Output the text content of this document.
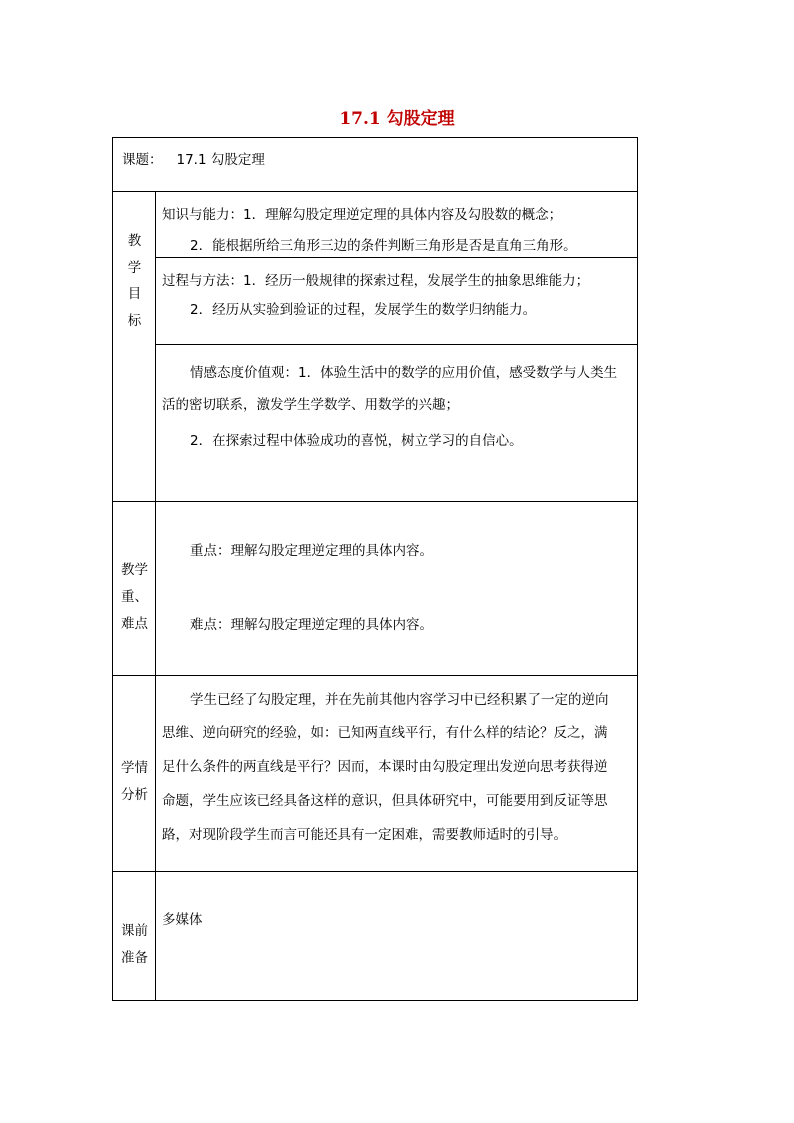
17.1 勾股定理
课题： 17.1 勾股定理	

教
学
目
标	知识与能力：1．理解勾股定理逆定理的具体内容及勾股数的概念；
2．能根据所给三角形三边的条件判断三角形是否是直角三角形。

	过程与方法：1．经历一般规律的探索过程，发展学生的抽象思维能力；
2．经历从实验到验证的过程，发展学生的数学归纳能力。

	情感态度价值观：1．体验生活中的数学的应用价值，感受数学与人类生
活的密切联系，激发学生学数学、用数学的兴趣；
2．在探索过程中体验成功的喜悦，树立学习的自信心。

教学
重、
难点	重点：理解勾股定理逆定理的具体内容。
难点：理解勾股定理逆定理的具体内容。

学情
分析	学生已经了勾股定理，并在先前其他内容学习中已经积累了一定的逆向
思维、逆向研究的经验，如：已知两直线平行，有什么样的结论？反之，满
足什么条件的两直线是平行？因而，本课时由勾股定理出发逆向思考获得逆
命题，学生应该已经具备这样的意识，但具体研究中，可能要用到反证等思
路，对现阶段学生而言可能还具有一定困难，需要教师适时的引导。

课前
准备	多媒体
